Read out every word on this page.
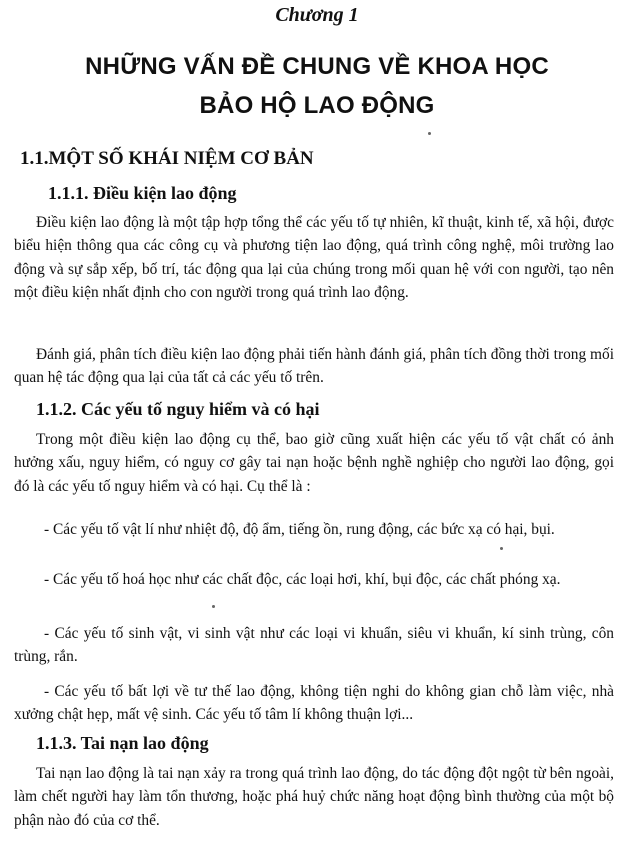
Chương 1
NHỮNG VẤN ĐỀ CHUNG VỀ KHOA HỌC
BẢO HỘ LAO ĐỘNG
1.1.MỘT SỐ KHÁI NIỆM CƠ BẢN
1.1.1. Điều kiện lao động
Điều kiện lao động là một tập hợp tổng thể các yếu tố tự nhiên, kĩ thuật, kinh tế, xã hội, được biểu hiện thông qua các công cụ và phương tiện lao động, quá trình công nghệ, môi trường lao động và sự sắp xếp, bố trí, tác động qua lại của chúng trong mối quan hệ với con người, tạo nên một điều kiện nhất định cho con người trong quá trình lao động.
Đánh giá, phân tích điều kiện lao động phải tiến hành đánh giá, phân tích đồng thời trong mối quan hệ tác động qua lại của tất cả các yếu tố trên.
1.1.2. Các yếu tố nguy hiểm và có hại
Trong một điều kiện lao động cụ thể, bao giờ cũng xuất hiện các yếu tố vật chất có ảnh hưởng xấu, nguy hiểm, có nguy cơ gây tai nạn hoặc bệnh nghề nghiệp cho người lao động, gọi đó là các yếu tố nguy hiểm và có hại. Cụ thể là :
- Các yếu tố vật lí như nhiệt độ, độ ẩm, tiếng ồn, rung động, các bức xạ có hại, bụi.
- Các yếu tố hoá học như các chất độc, các loại hơi, khí, bụi độc, các chất phóng xạ.
- Các yếu tố sinh vật, vi sinh vật như các loại vi khuẩn, siêu vi khuẩn, kí sinh trùng, côn trùng, rắn.
- Các yếu tố bất lợi về tư thế lao động, không tiện nghi do không gian chỗ làm việc, nhà xưởng chật hẹp, mất vệ sinh. Các yếu tố tâm lí không thuận lợi...
1.1.3. Tai nạn lao động
Tai nạn lao động là tai nạn xảy ra trong quá trình lao động, do tác động đột ngột từ bên ngoài, làm chết người hay làm tổn thương, hoặc phá huỷ chức năng hoạt động bình thường của một bộ phận nào đó của cơ thể.
